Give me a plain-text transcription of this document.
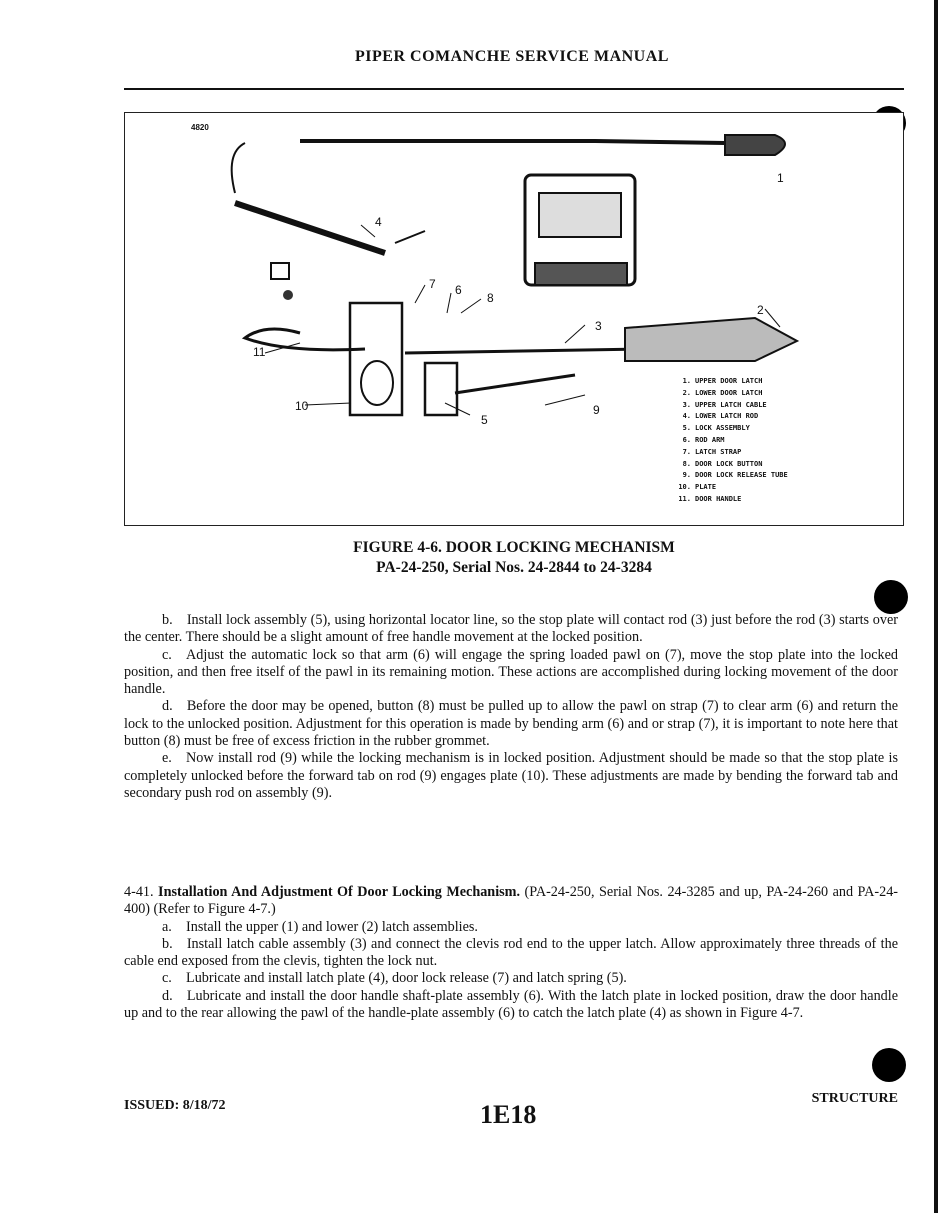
PIPER COMANCHE SERVICE MANUAL
4820
1
2
3
4
5
6
7
8
9
10
11
1. UPPER DOOR LATCH
2. LOWER DOOR LATCH
3. UPPER LATCH CABLE
4. LOWER LATCH ROD
5. LOCK ASSEMBLY
6. ROD ARM
7. LATCH STRAP
8. DOOR LOCK BUTTON
9. DOOR LOCK RELEASE TUBE
10. PLATE
11. DOOR HANDLE
FIGURE 4-6. DOOR LOCKING MECHANISM
PA-24-250, Serial Nos. 24-2844 to 24-3284

b. Install lock assembly (5), using horizontal locator line, so the stop plate will contact rod (3) just before the rod (3) starts over the center. There should be a slight amount of free handle movement at the locked position.

c. Adjust the automatic lock so that arm (6) will engage the spring loaded pawl on (7), move the stop plate into the locked position, and then free itself of the pawl in its remaining motion. These actions are accomplished during locking movement of the door handle.

d. Before the door may be opened, button (8) must be pulled up to allow the pawl on strap (7) to clear arm (6) and return the lock to the unlocked position. Adjustment for this operation is made by bending arm (6) and or strap (7), it is important to note here that button (8) must be free of excess friction in the rubber grommet.

e. Now install rod (9) while the locking mechanism is in locked position. Adjustment should be made so that the stop plate is completely unlocked before the forward tab on rod (9) engages plate (10). These adjustments are made by bending the forward tab and secondary push rod on assembly (9).

4-41. Installation And Adjustment Of Door Locking Mechanism. (PA-24-250, Serial Nos. 24-3285 and up, PA-24-260 and PA-24-400) (Refer to Figure 4-7.)

a. Install the upper (1) and lower (2) latch assemblies.

b. Install latch cable assembly (3) and connect the clevis rod end to the upper latch. Allow approximately three threads of the cable end exposed from the clevis, tighten the lock nut.

c. Lubricate and install latch plate (4), door lock release (7) and latch spring (5).

d. Lubricate and install the door handle shaft-plate assembly (6). With the latch plate in locked position, draw the door handle up and to the rear allowing the pawl of the handle-plate assembly (6) to catch the latch plate (4) as shown in Figure 4-7.

ISSUED: 8/18/72	1E18
STRUCTURE
